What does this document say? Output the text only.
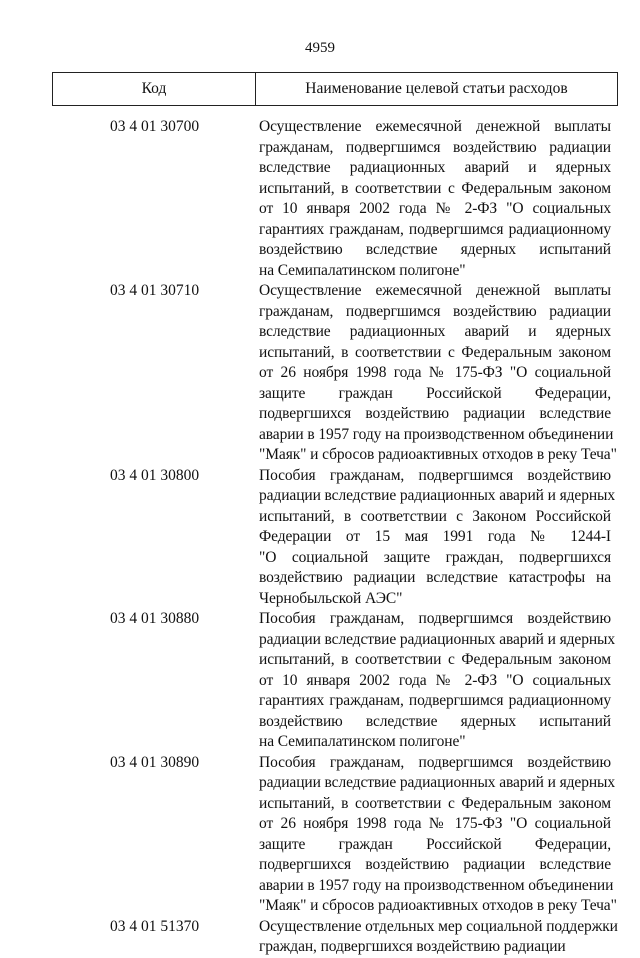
4959
Код	Наименование целевой статьи расходов
03 4 01 30700	Осуществление ежемесячной денежной выплаты
гражданам, подвергшимся воздействию радиации
вследствие радиационных аварий и ядерных
испытаний, в соответствии с Федеральным законом
от 10 января 2002 года № 2-ФЗ "О социальных
гарантиях гражданам, подвергшимся радиационному
воздействию вследствие ядерных испытаний
на Семипалатинском полигоне"
03 4 01 30710	Осуществление ежемесячной денежной выплаты
гражданам, подвергшимся воздействию радиации
вследствие радиационных аварий и ядерных
испытаний, в соответствии с Федеральным законом
от 26 ноября 1998 года № 175-ФЗ "О социальной
защите граждан Российской Федерации,
подвергшихся воздействию радиации вследствие
аварии в 1957 году на производственном объединении
"Маяк" и сбросов радиоактивных отходов в реку Теча"
03 4 01 30800	Пособия гражданам, подвергшимся воздействию
радиации вследствие радиационных аварий и ядерных
испытаний, в соответствии с Законом Российской
Федерации от 15 мая 1991 года № 1244-I
"О социальной защите граждан, подвергшихся
воздействию радиации вследствие катастрофы на
Чернобыльской АЭС"
03 4 01 30880	Пособия гражданам, подвергшимся воздействию
радиации вследствие радиационных аварий и ядерных
испытаний, в соответствии с Федеральным законом
от 10 января 2002 года № 2-ФЗ "О социальных
гарантиях гражданам, подвергшимся радиационному
воздействию вследствие ядерных испытаний
на Семипалатинском полигоне"
03 4 01 30890	Пособия гражданам, подвергшимся воздействию
радиации вследствие радиационных аварий и ядерных
испытаний, в соответствии с Федеральным законом
от 26 ноября 1998 года № 175-ФЗ "О социальной
защите граждан Российской Федерации,
подвергшихся воздействию радиации вследствие
аварии в 1957 году на производственном объединении
"Маяк" и сбросов радиоактивных отходов в реку Теча"
03 4 01 51370	Осуществление отдельных мер социальной поддержки
граждан, подвергшихся воздействию радиации
